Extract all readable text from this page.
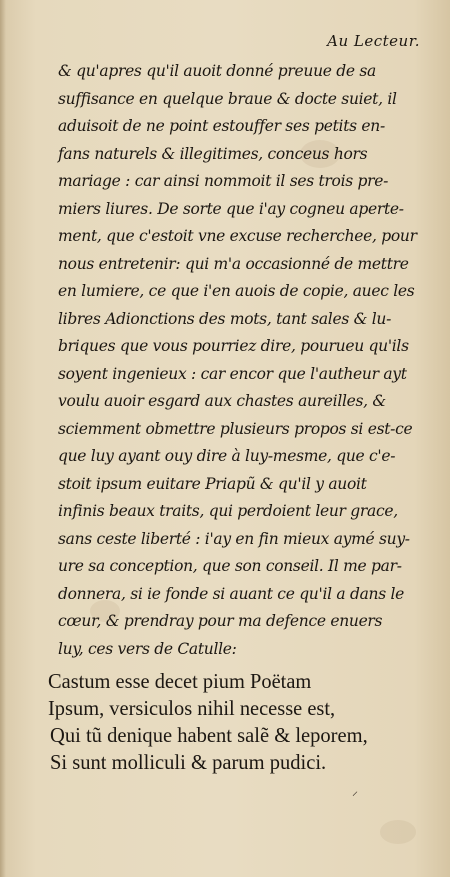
Au Lecteur.
& qu'apres qu'il auoit donné preuue de sa
suffisance en quelque braue & docte suiet, il
aduisoit de ne point estouffer ses petits en-
fans naturels & illegitimes, conceus hors
mariage : car ainsi nommoit il ses trois pre-
miers liures. De sorte que i'ay cogneu aperte-
ment, que c'estoit vne excuse recherchee, pour
nous entretenir: qui m'a occasionné de mettre
en lumiere, ce que i'en auois de copie, auec les
libres Adionctions des mots, tant sales & lu-
briques que vous pourriez dire, pourueu qu'ils
soyent ingenieux : car encor que l'autheur ayt
voulu auoir esgard aux chastes aureilles, &
sciemment obmettre plusieurs propos si est-ce
que luy ayant ouy dire à luy-mesme, que c'e-
stoit ipsum euitare Priapũ & qu'il y auoit
infinis beaux traits, qui perdoient leur grace,
sans ceste liberté : i'ay en fin mieux aymé suy-
ure sa conception, que son conseil. Il me par-
donnera, si ie fonde si auant ce qu'il a dans le
cœur, & prendray pour ma defence enuers
luy, ces vers de Catulle:
Castum esse decet pium Poëtam
Ipsum, versiculos nihil necesse est,
Qui tũ denique habent salẽ & leporem,
Si sunt molliculi & parum pudici.
⸝
